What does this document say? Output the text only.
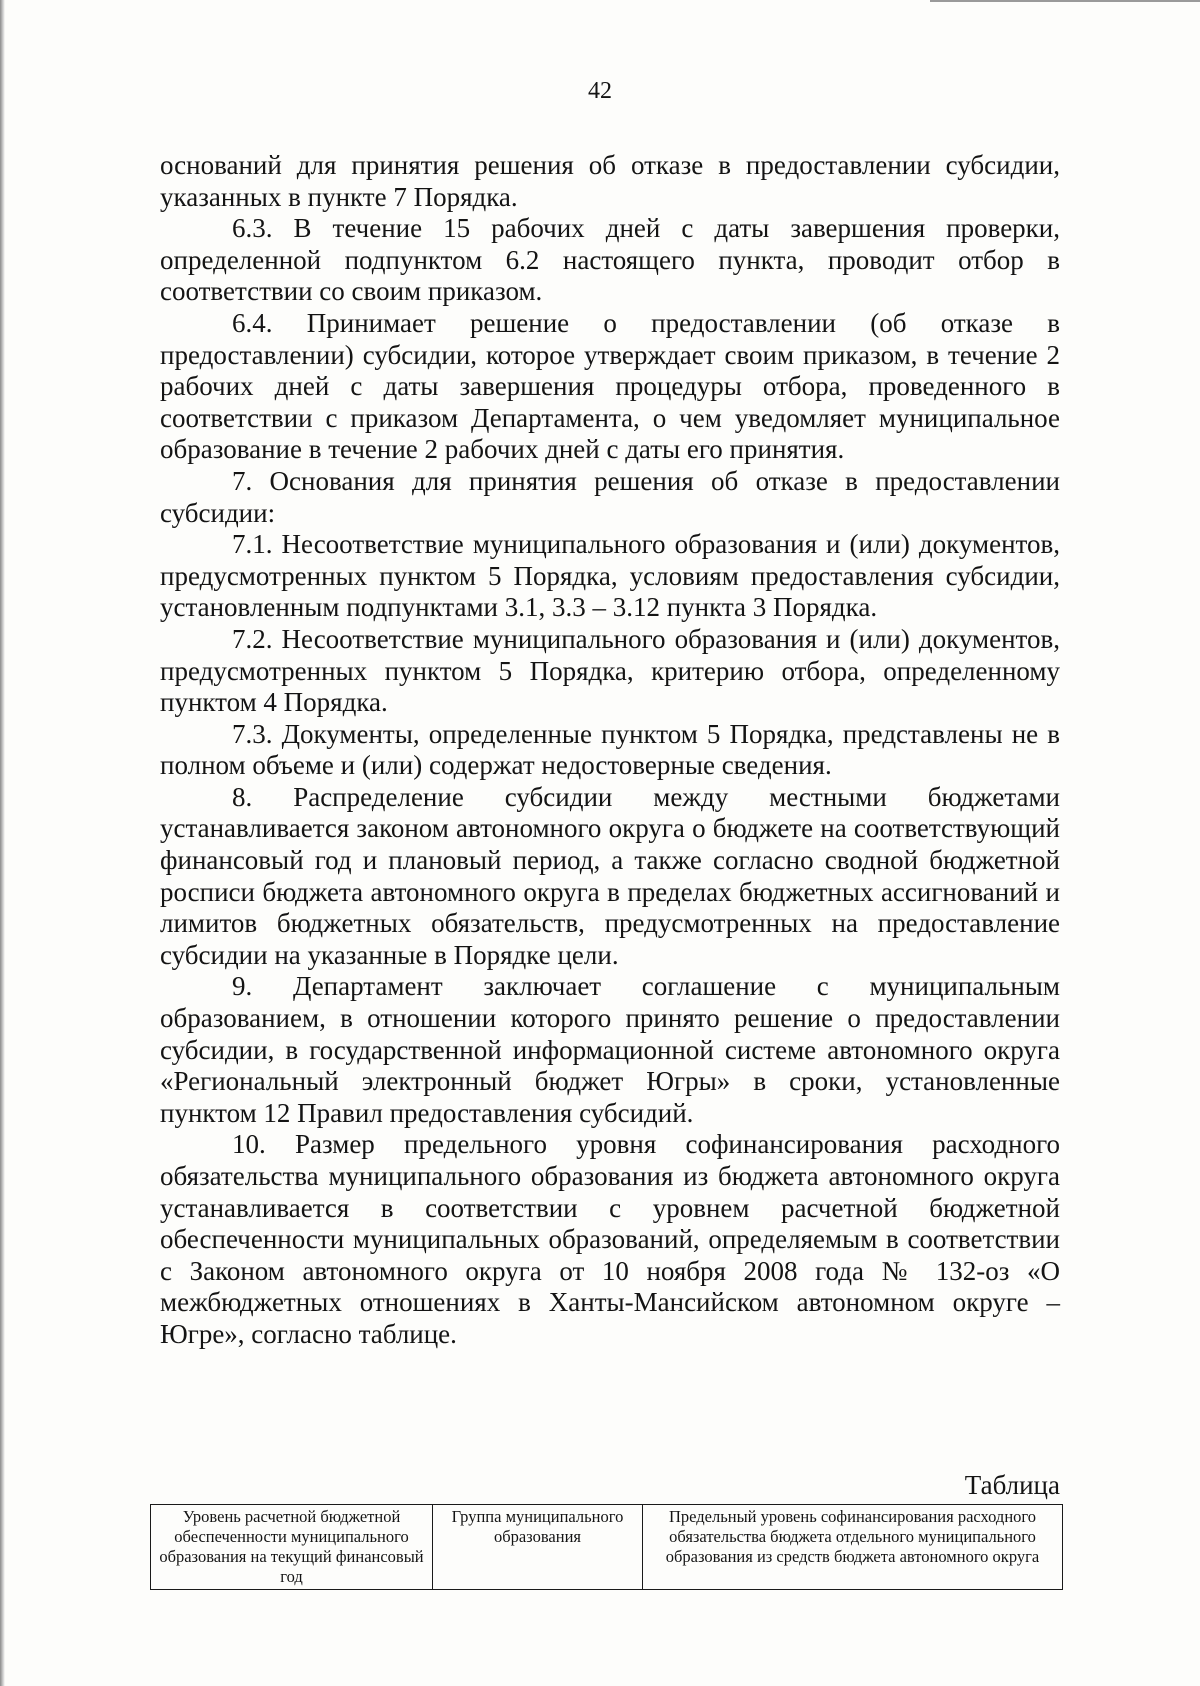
42

оснований для принятия решения об отказе в предоставлении субсидии, указанных в пункте 7 Порядка.

6.3. В течение 15 рабочих дней с даты завершения проверки, определенной подпунктом 6.2 настоящего пункта, проводит отбор в соответствии со своим приказом.

6.4. Принимает решение о предоставлении (об отказе в предоставлении) субсидии, которое утверждает своим приказом, в течение 2 рабочих дней с даты завершения процедуры отбора, проведенного в соответствии с приказом Департамента, о чем уведомляет муниципальное образование в течение 2 рабочих дней с даты его принятия.

7. Основания для принятия решения об отказе в предоставлении субсидии:

7.1. Несоответствие муниципального образования и (или) документов, предусмотренных пунктом 5 Порядка, условиям предоставления субсидии, установленным подпунктами 3.1, 3.3 – 3.12 пункта 3 Порядка.

7.2. Несоответствие муниципального образования и (или) документов, предусмотренных пунктом 5 Порядка, критерию отбора, определенному пунктом 4 Порядка.

7.3. Документы, определенные пунктом 5 Порядка, представлены не в полном объеме и (или) содержат недостоверные сведения.

8. Распределение субсидии между местными бюджетами устанавливается законом автономного округа о бюджете на соответствующий финансовый год и плановый период, а также согласно сводной бюджетной росписи бюджета автономного округа в пределах бюджетных ассигнований и лимитов бюджетных обязательств, предусмотренных на предоставление субсидии на указанные в Порядке цели.

9. Департамент заключает соглашение с муниципальным образованием, в отношении которого принято решение о предоставлении субсидии, в государственной информационной системе автономного округа «Региональный электронный бюджет Югры» в сроки, установленные пунктом 12 Правил предоставления субсидий.

10. Размер предельного уровня софинансирования расходного обязательства муниципального образования из бюджета автономного округа устанавливается в соответствии с уровнем расчетной бюджетной обеспеченности муниципальных образований, определяемым в соответствии с Законом автономного округа от 10 ноября 2008 года № 132-оз «О межбюджетных отношениях в Ханты-Мансийском автономном округе – Югре», согласно таблице.

Таблица
Уровень расчетной бюджетной обеспеченности муниципального образования на текущий финансовый год	Группа муниципального образования	Предельный уровень софинансирования расходного обязательства бюджета отдельного муниципального образования из средств бюджета автономного округа
